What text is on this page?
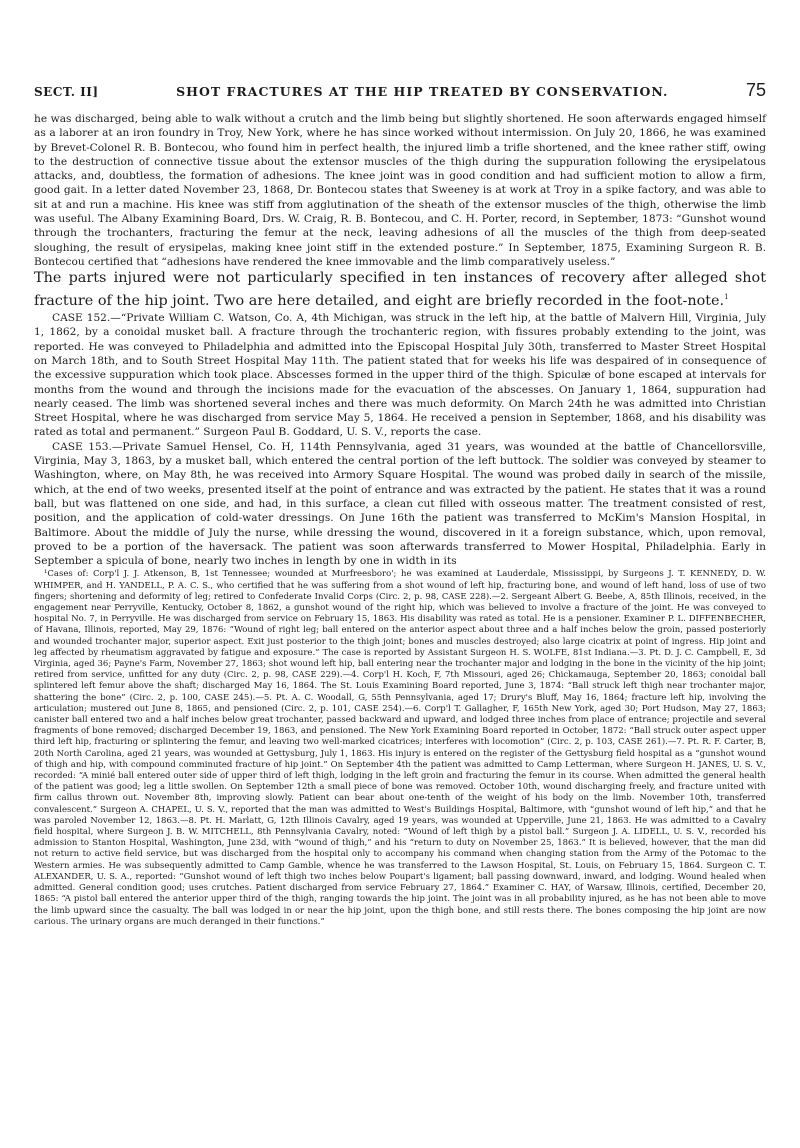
SECT. II]	SHOT FRACTURES AT THE HIP TREATED BY CONSERVATION.	75

he was discharged, being able to walk without a crutch and the limb being but slightly shortened. He soon afterwards engaged himself as a laborer at an iron foundry in Troy, New York, where he has since worked without intermission. On July 20, 1866, he was examined by Brevet-Colonel R. B. Bontecou, who found him in perfect health, the injured limb a trifle shortened, and the knee rather stiff, owing to the destruction of connective tissue about the extensor muscles of the thigh during the suppuration following the erysipelatous attacks, and, doubtless, the formation of adhesions. The knee joint was in good condition and had sufficient motion to allow a firm, good gait. In a letter dated November 23, 1868, Dr. Bontecou states that Sweeney is at work at Troy in a spike factory, and was able to sit at and run a machine. His knee was stiff from agglutination of the sheath of the extensor muscles of the thigh, otherwise the limb was useful. The Albany Examining Board, Drs. W. Craig, R. B. Bontecou, and C. H. Porter, record, in September, 1873: “Gunshot wound through the trochanters, fracturing the femur at the neck, leaving adhesions of all the muscles of the thigh from deep-seated sloughing, the result of erysipelas, making knee joint stiff in the extended posture.” In September, 1875, Examining Surgeon R. B. Bontecou certified that “adhesions have rendered the knee immovable and the limb comparatively useless.”

The parts injured were not particularly specified in ten instances of recovery after alleged shot fracture of the hip joint. Two are here detailed, and eight are briefly recorded in the foot-note.$^1$

CASE 152.—“Private William C. Watson, Co. A, 4th Michigan, was struck in the left hip, at the battle of Malvern Hill, Virginia, July 1, 1862, by a conoidal musket ball. A fracture through the trochanteric region, with fissures probably extending to the joint, was reported. He was conveyed to Philadelphia and admitted into the Episcopal Hospital July 30th, transferred to Master Street Hospital on March 18th, and to South Street Hospital May 11th. The patient stated that for weeks his life was despaired of in consequence of the excessive suppuration which took place. Abscesses formed in the upper third of the thigh. Spiculæ of bone escaped at intervals for months from the wound and through the incisions made for the evacuation of the abscesses. On January 1, 1864, suppuration had nearly ceased. The limb was shortened several inches and there was much deformity. On March 24th he was admitted into Christian Street Hospital, where he was discharged from service May 5, 1864. He received a pension in September, 1868, and his disability was rated as total and permanent.” Surgeon Paul B. Goddard, U. S. V., reports the case.

CASE 153.—Private Samuel Hensel, Co. H, 114th Pennsylvania, aged 31 years, was wounded at the battle of Chancellorsville, Virginia, May 3, 1863, by a musket ball, which entered the central portion of the left buttock. The soldier was conveyed by steamer to Washington, where, on May 8th, he was received into Armory Square Hospital. The wound was probed daily in search of the missile, which, at the end of two weeks, presented itself at the point of entrance and was extracted by the patient. He states that it was a round ball, but was flattened on one side, and had, in this surface, a clean cut filled with osseous matter. The treatment consisted of rest, position, and the application of cold-water dressings. On June 16th the patient was transferred to McKim's Mansion Hospital, in Baltimore. About the middle of July the nurse, while dressing the wound, discovered in it a foreign substance, which, upon removal, proved to be a portion of the haversack. The patient was soon afterwards transferred to Mower Hospital, Philadelphia. Early in September a spicula of bone, nearly two inches in length by one in width in its

¹Cases of: Corp'l J. J. Atkenson, B, 1st Tennessee; wounded at Murfreesboro'; he was examined at Lauderdale, Mississippi, by Surgeons J. T. KENNEDY, D. W. WHIMPER, and H. YANDELL, P. A. C. S., who certified that he was suffering from a shot wound of left hip, fracturing bone, and wound of left hand, loss of use of two fingers; shortening and deformity of leg; retired to Confederate Invalid Corps (Circ. 2, p. 98, CASE 228).—2. Sergeant Albert G. Beebe, A, 85th Illinois, received, in the engagement near Perryville, Kentucky, October 8, 1862, a gunshot wound of the right hip, which was believed to involve a fracture of the joint. He was conveyed to hospital No. 7, in Perryville. He was discharged from service on February 15, 1863. His disability was rated as total. He is a pensioner. Examiner P. L. DIFFENBECHER, of Havana, Illinois, reported, May 29, 1876: “Wound of right leg; ball entered on the anterior aspect about three and a half inches below the groin, passed posteriorly and wounded trochanter major, superior aspect. Exit just posterior to the thigh joint; bones and muscles destroyed; also large cicatrix at point of ingress. Hip joint and leg affected by rheumatism aggravated by fatigue and exposure.” The case is reported by Assistant Surgeon H. S. WOLFE, 81st Indiana.—3. Pt. D. J. C. Campbell, E, 3d Virginia, aged 36; Payne's Farm, November 27, 1863; shot wound left hip, ball entering near the trochanter major and lodging in the bone in the vicinity of the hip joint; retired from service, unfitted for any duty (Circ. 2, p. 98, CASE 229).—4. Corp'l H. Koch, F, 7th Missouri, aged 26; Chickamauga, September 20, 1863; conoidal ball splintered left femur above the shaft; discharged May 16, 1864. The St. Louis Examining Board reported, June 3, 1874: “Ball struck left thigh near trochanter major, shattering the bone” (Circ. 2, p. 100, CASE 245).—5. Pt. A. C. Woodall, G, 55th Pennsylvania, aged 17; Drury's Bluff, May 16, 1864; fracture left hip, involving the articulation; mustered out June 8, 1865, and pensioned (Circ. 2, p. 101, CASE 254).—6. Corp'l T. Gallagher, F, 165th New York, aged 30; Port Hudson, May 27, 1863; canister ball entered two and a half inches below great trochanter, passed backward and upward, and lodged three inches from place of entrance; projectile and several fragments of bone removed; discharged December 19, 1863, and pensioned. The New York Examining Board reported in October, 1872: “Ball struck outer aspect upper third left hip, fracturing or splintering the femur, and leaving two well-marked cicatrices; interferes with locomotion” (Circ. 2, p. 103, CASE 261).—7. Pt. R. F. Carter, B, 20th North Carolina, aged 21 years, was wounded at Gettysburg, July 1, 1863. His injury is entered on the register of the Gettysburg field hospital as a “gunshot wound of thigh and hip, with compound comminuted fracture of hip joint.” On September 4th the patient was admitted to Camp Letterman, where Surgeon H. JANES, U. S. V., recorded: “A minié ball entered outer side of upper third of left thigh, lodging in the left groin and fracturing the femur in its course. When admitted the general health of the patient was good; leg a little swollen. On September 12th a small piece of bone was removed. October 10th, wound discharging freely, and fracture united with firm callus thrown out. November 8th, improving slowly. Patient can bear about one-tenth of the weight of his body on the limb. November 10th, transferred convalescent.” Surgeon A. CHAPEL, U. S. V., reported that the man was admitted to West's Buildings Hospital, Baltimore, with “gunshot wound of left hip,” and that he was paroled November 12, 1863.—8. Pt. H. Marlatt, G, 12th Illinois Cavalry, aged 19 years, was wounded at Upperville, June 21, 1863. He was admitted to a Cavalry field hospital, where Surgeon J. B. W. MITCHELL, 8th Pennsylvania Cavalry, noted: “Wound of left thigh by a pistol ball.” Surgeon J. A. LIDELL, U. S. V., recorded his admission to Stanton Hospital, Washington, June 23d, with “wound of thigh,” and his “return to duty on November 25, 1863.” It is believed, however, that the man did not return to active field service, but was discharged from the hospital only to accompany his command when changing station from the Army of the Potomac to the Western armies. He was subsequently admitted to Camp Gamble, whence he was transferred to the Lawson Hospital, St. Louis, on February 15, 1864. Surgeon C. T. ALEXANDER, U. S. A., reported: “Gunshot wound of left thigh two inches below Poupart's ligament; ball passing downward, inward, and lodging. Wound healed when admitted. General condition good; uses crutches. Patient discharged from service February 27, 1864.” Examiner C. HAY, of Warsaw, Illinois, certified, December 20, 1865: “A pistol ball entered the anterior upper third of the thigh, ranging towards the hip joint. The joint was in all probability injured, as he has not been able to move the limb upward since the casualty. The ball was lodged in or near the hip joint, upon the thigh bone, and still rests there. The bones composing the hip joint are now carious. The urinary organs are much deranged in their functions.”
